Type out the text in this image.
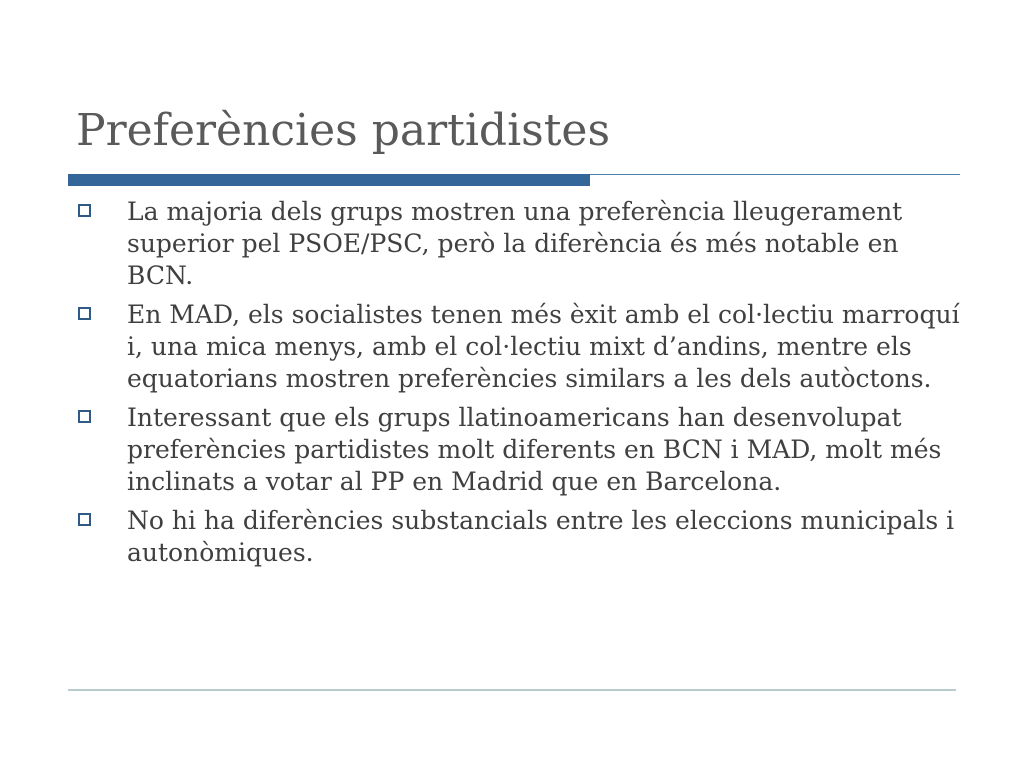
Preferències partidistes
La majoria dels grups mostren una preferència lleugerament superior pel PSOE/PSC, però la diferència és més notable en BCN.
En MAD, els socialistes tenen més èxit amb el col·lectiu marroquí i, una mica menys, amb el col·lectiu mixt d’andins, mentre els equatorians mostren preferències similars a les dels autòctons.
Interessant que els grups llatinoamericans han desenvolupat preferències partidistes molt diferents en BCN i MAD, molt més inclinats a votar al PP en Madrid que en Barcelona.
No hi ha diferències substancials entre les eleccions municipals i autonòmiques.
